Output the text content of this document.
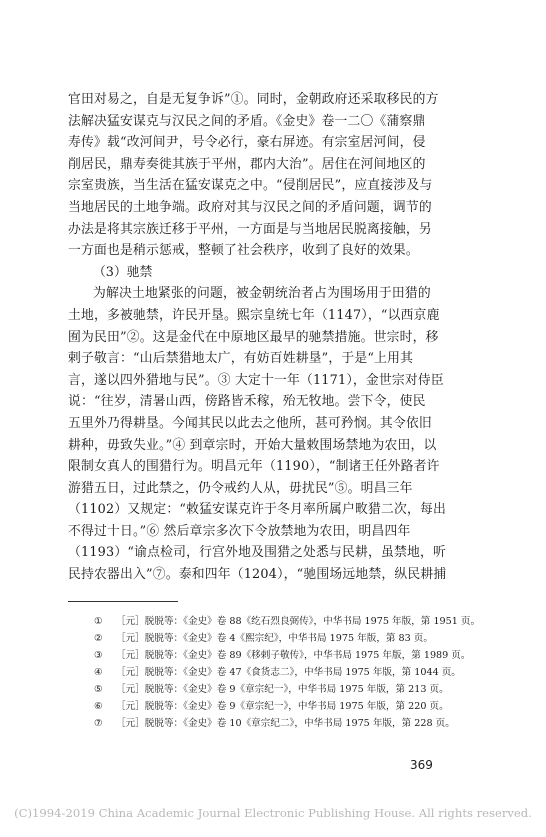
官田对易之，自是无复争诉”①。同时，金朝政府还采取移民的方
法解决猛安谋克与汉民之间的矛盾。《金史》卷一二〇《蒲察鼎
寿传》载“改河间尹，号令必行，豪右屏迹。有宗室居河间，侵
削居民，鼎寿奏徙其族于平州，郡内大治”。居住在河间地区的
宗室贵族，当生活在猛安谋克之中。“侵削居民”，应直接涉及与
当地居民的土地争端。政府对其与汉民之间的矛盾问题，调节的
办法是将其宗族迁移于平州，一方面是与当地居民脱离接触，另
一方面也是稍示惩戒，整顿了社会秩序，收到了良好的效果。
（3）驰禁
为解决土地紧张的问题，被金朝统治者占为围场用于田猎的
土地，多被驰禁，许民开垦。熙宗皇统七年（1147），“以西京鹿
囿为民田”②。这是金代在中原地区最早的驰禁措施。世宗时，移
剌子敬言：“山后禁猎地太广，有妨百姓耕垦”，于是“上用其
言，遂以四外猎地与民”。③ 大定十一年（1171），金世宗对侍臣
说：“往岁，清暑山西，傍路皆禾稼，殆无牧地。尝下令，使民
五里外乃得耕垦。今闻其民以此去之他所，甚可矜悯。其令依旧
耕种，毋致失业。”④ 到章宗时，开始大量敕围场禁地为农田，以
限制女真人的围猎行为。明昌元年（1190），“制诸王任外路者许
游猎五日，过此禁之，仍令戒约人从，毋扰民”⑤。明昌三年
（1102）又规定：“敕猛安谋克许于冬月率所属户畋猎二次，每出
不得过十日。”⑥ 然后章宗多次下令放禁地为农田，明昌四年
（1193）“谕点检司，行宫外地及围猎之处悉与民耕，虽禁地，听
民持农器出入”⑦。泰和四年（1204），“驰围场远地禁，纵民耕捕
① ［元］脱脱等：《金史》卷 88《纥石烈良弼传》，中华书局 1975 年版，第 1951 页。
② ［元］脱脱等：《金史》卷 4《熙宗纪》，中华书局 1975 年版，第 83 页。
③ ［元］脱脱等：《金史》卷 89《移剌子敬传》，中华书局 1975 年版，第 1989 页。
④ ［元］脱脱等：《金史》卷 47《食货志二》，中华书局 1975 年版，第 1044 页。
⑤ ［元］脱脱等：《金史》卷 9《章宗纪一》，中华书局 1975 年版，第 213 页。
⑥ ［元］脱脱等：《金史》卷 9《章宗纪一》，中华书局 1975 年版，第 220 页。
⑦ ［元］脱脱等：《金史》卷 10《章宗纪二》，中华书局 1975 年版，第 228 页。
369
(C)1994-2019 China Academic Journal Electronic Publishing House. All rights reserved.
